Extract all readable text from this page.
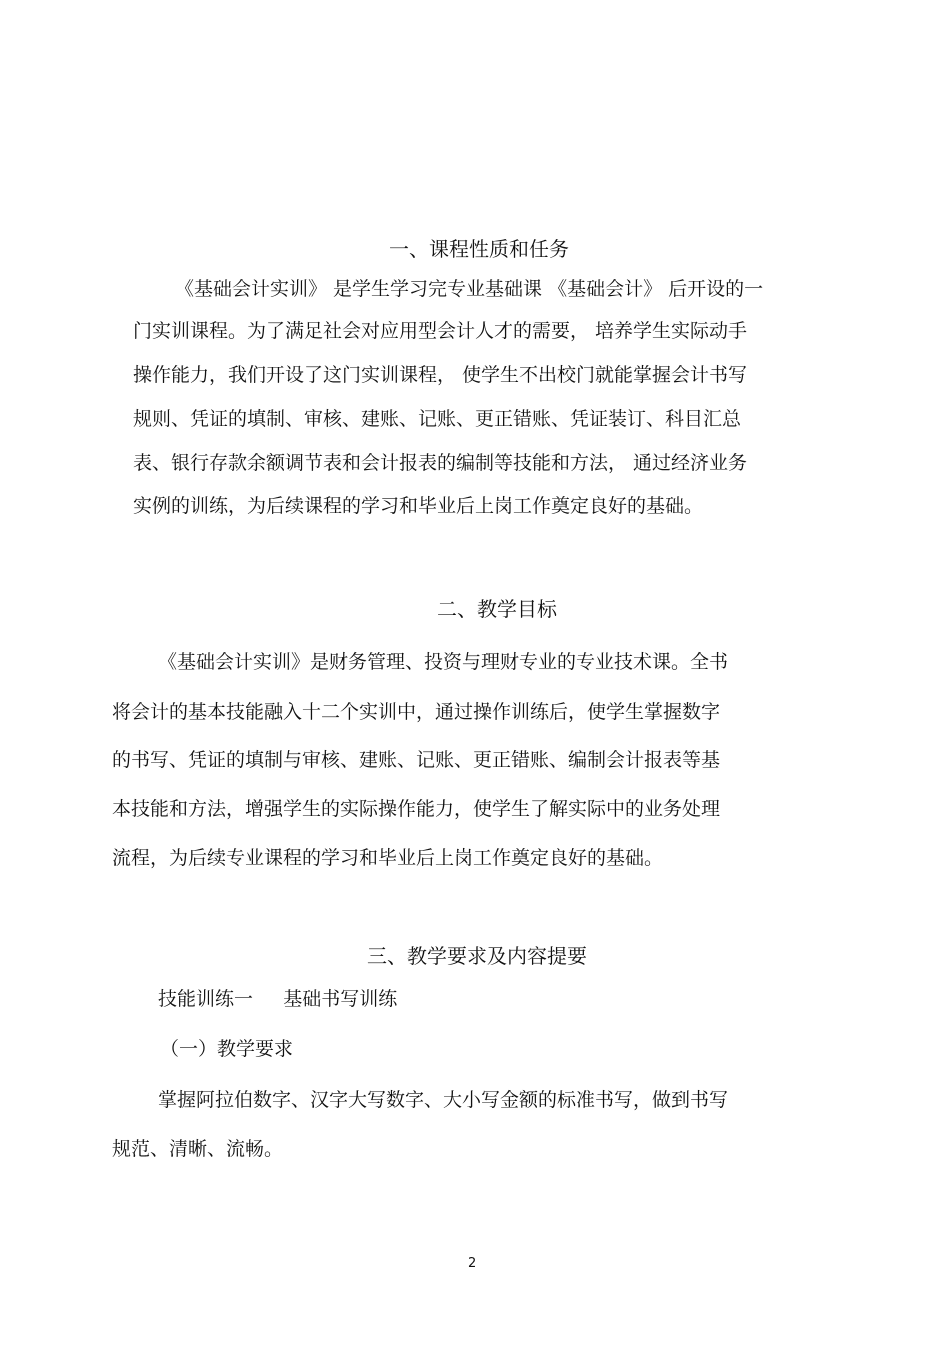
一、课程性质和任务
《基础会计实训》 是学生学习完专业基础课 《基础会计》 后开设的一
门实训课程。为了满足社会对应用型会计人才的需要， 培养学生实际动手
操作能力，我们开设了这门实训课程， 使学生不出校门就能掌握会计书写
规则、凭证的填制、审核、建账、记账、更正错账、凭证装订、科目汇总
表、银行存款余额调节表和会计报表的编制等技能和方法， 通过经济业务
实例的训练，为后续课程的学习和毕业后上岗工作奠定良好的基础。
二、教学目标
《基础会计实训》是财务管理、投资与理财专业的专业技术课。全书
将会计的基本技能融入十二个实训中，通过操作训练后，使学生掌握数字
的书写、凭证的填制与审核、建账、记账、更正错账、编制会计报表等基
本技能和方法，增强学生的实际操作能力，使学生了解实际中的业务处理
流程，为后续专业课程的学习和毕业后上岗工作奠定良好的基础。
三、教学要求及内容提要
技能训练一     基础书写训练
（一）教学要求
掌握阿拉伯数字、汉字大写数字、大小写金额的标准书写，做到书写
规范、清晰、流畅。
2
